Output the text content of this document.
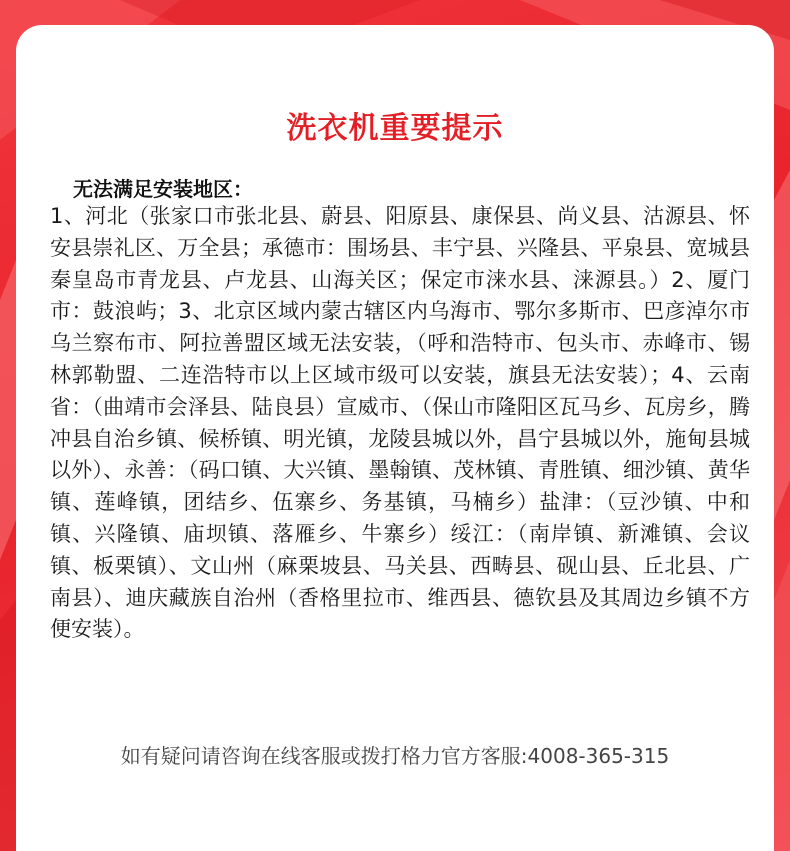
洗衣机重要提示

无法满足安装地区：

1、河北（张家口市张北县、蔚县、阳原县、康保县、尚义县、沽源县、怀安县崇礼区、万全县；承德市：围场县、丰宁县、兴隆县、平泉县、宽城县秦皇岛市青龙县、卢龙县、山海关区；保定市涞水县、涞源县。）2、厦门市：鼓浪屿；3、北京区域内蒙古辖区内乌海市、鄂尔多斯市、巴彦淖尔市乌兰察布市、阿拉善盟区域无法安装，（呼和浩特市、包头市、赤峰市、锡林郭勒盟、二连浩特市以上区域市级可以安装，旗县无法安装）；4、云南省：（曲靖市会泽县、陆良县）宣威市、（保山市隆阳区瓦马乡、瓦房乡，腾冲县自治乡镇、候桥镇、明光镇，龙陵县城以外，昌宁县城以外，施甸县城以外）、永善：（码口镇、大兴镇、墨翰镇、茂林镇、青胜镇、细沙镇、黄华镇、莲峰镇，团结乡、伍寨乡、务基镇，马楠乡）盐津：（豆沙镇、中和镇、兴隆镇、庙坝镇、落雁乡、牛寨乡）绥江：（南岸镇、新滩镇、会议镇、板栗镇）、文山州（麻栗坡县、马关县、西畴县、砚山县、丘北县、广南县）、迪庆藏族自治州（香格里拉市、维西县、德钦县及其周边乡镇不方便安装）。

如有疑问请咨询在线客服或拨打格力官方客服:4008-365-315
